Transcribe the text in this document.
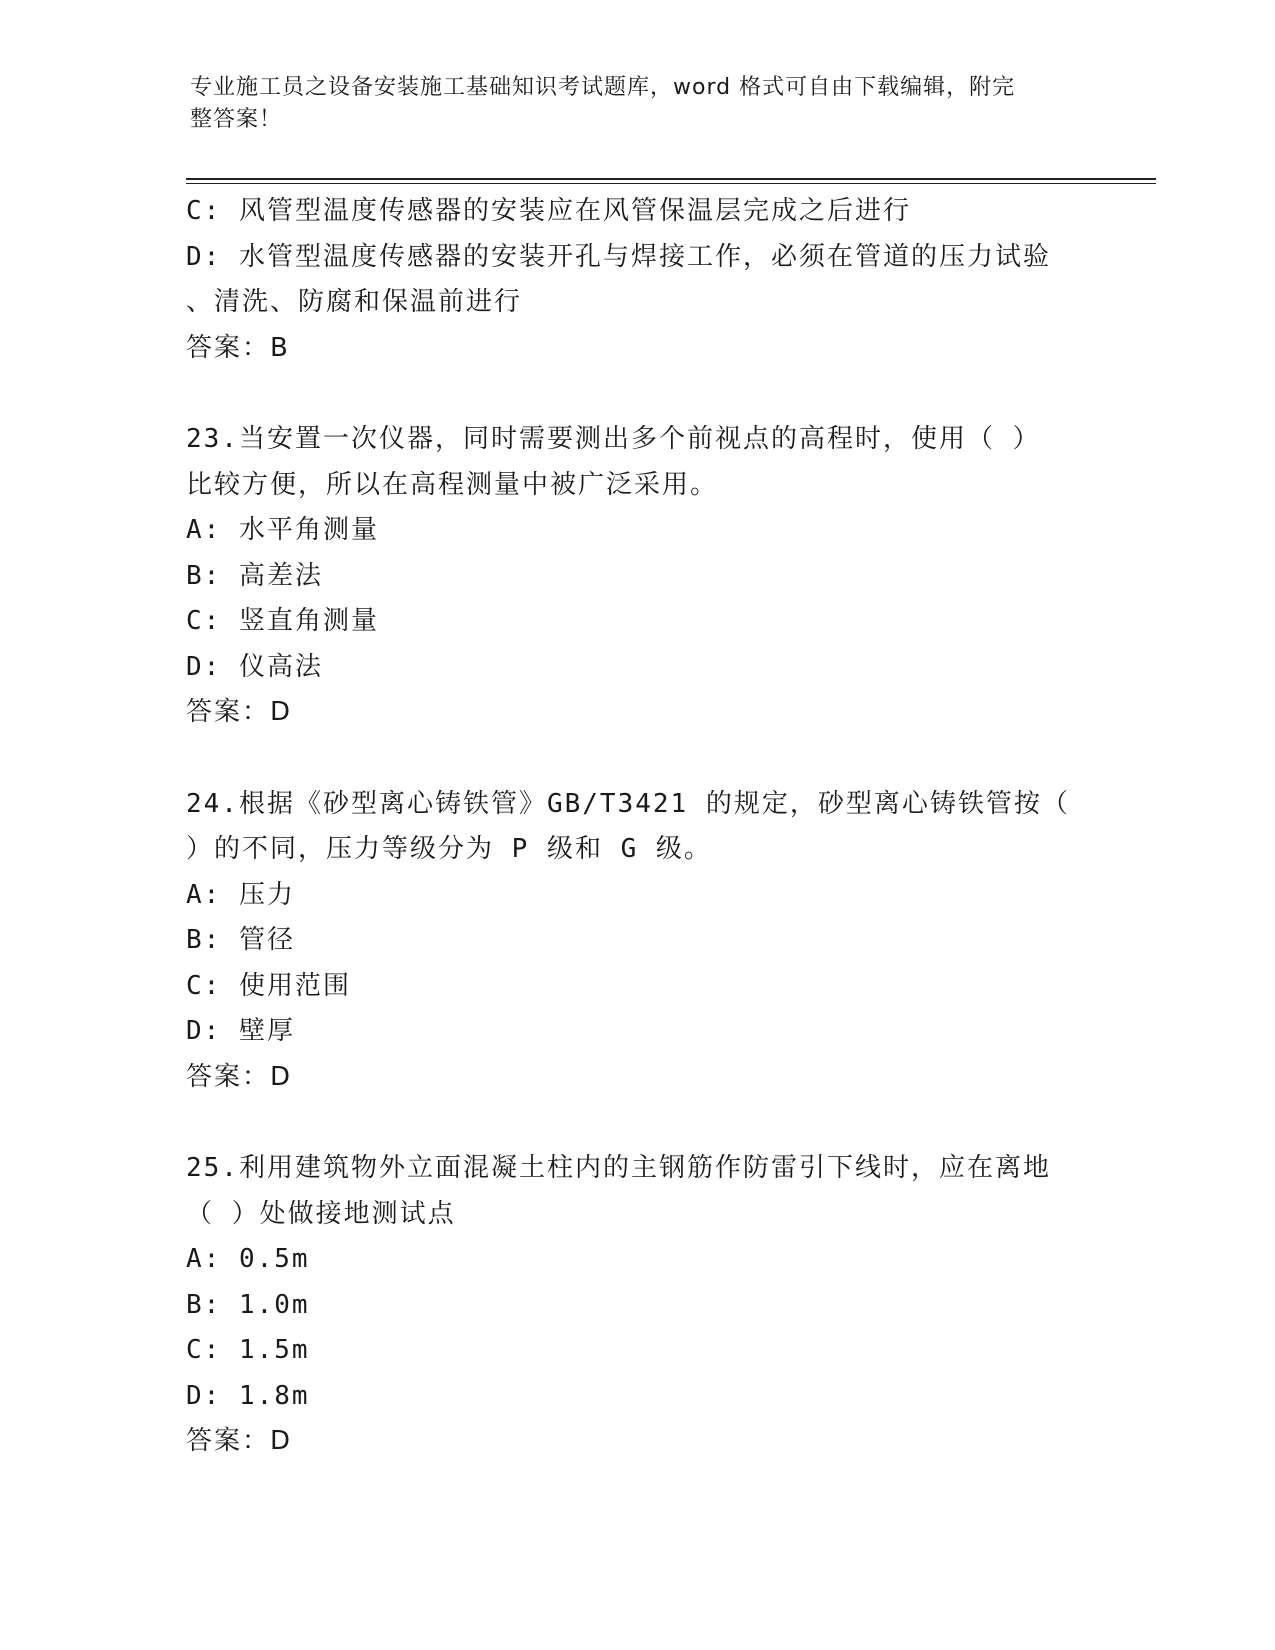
专业施工员之设备安装施工基础知识考试题库，word 格式可自由下载编辑，附完
整答案！
C: 风管型温度传感器的安装应在风管保温层完成之后进行
D: 水管型温度传感器的安装开孔与焊接工作，必须在管道的压力试验
、清洗、防腐和保温前进行
答案：B
23.当安置一次仪器，同时需要测出多个前视点的高程时，使用（ ）
比较方便，所以在高程测量中被广泛采用。
A: 水平角测量
B: 高差法
C: 竖直角测量
D: 仪高法
答案：D
24.根据《砂型离心铸铁管》GB/T3421 的规定，砂型离心铸铁管按（
）的不同，压力等级分为 P 级和 G 级。
A: 压力
B: 管径
C: 使用范围
D: 壁厚
答案：D
25.利用建筑物外立面混凝土柱内的主钢筋作防雷引下线时，应在离地
（ ）处做接地测试点
A: 0.5m
B: 1.0m
C: 1.5m
D: 1.8m
答案：D
